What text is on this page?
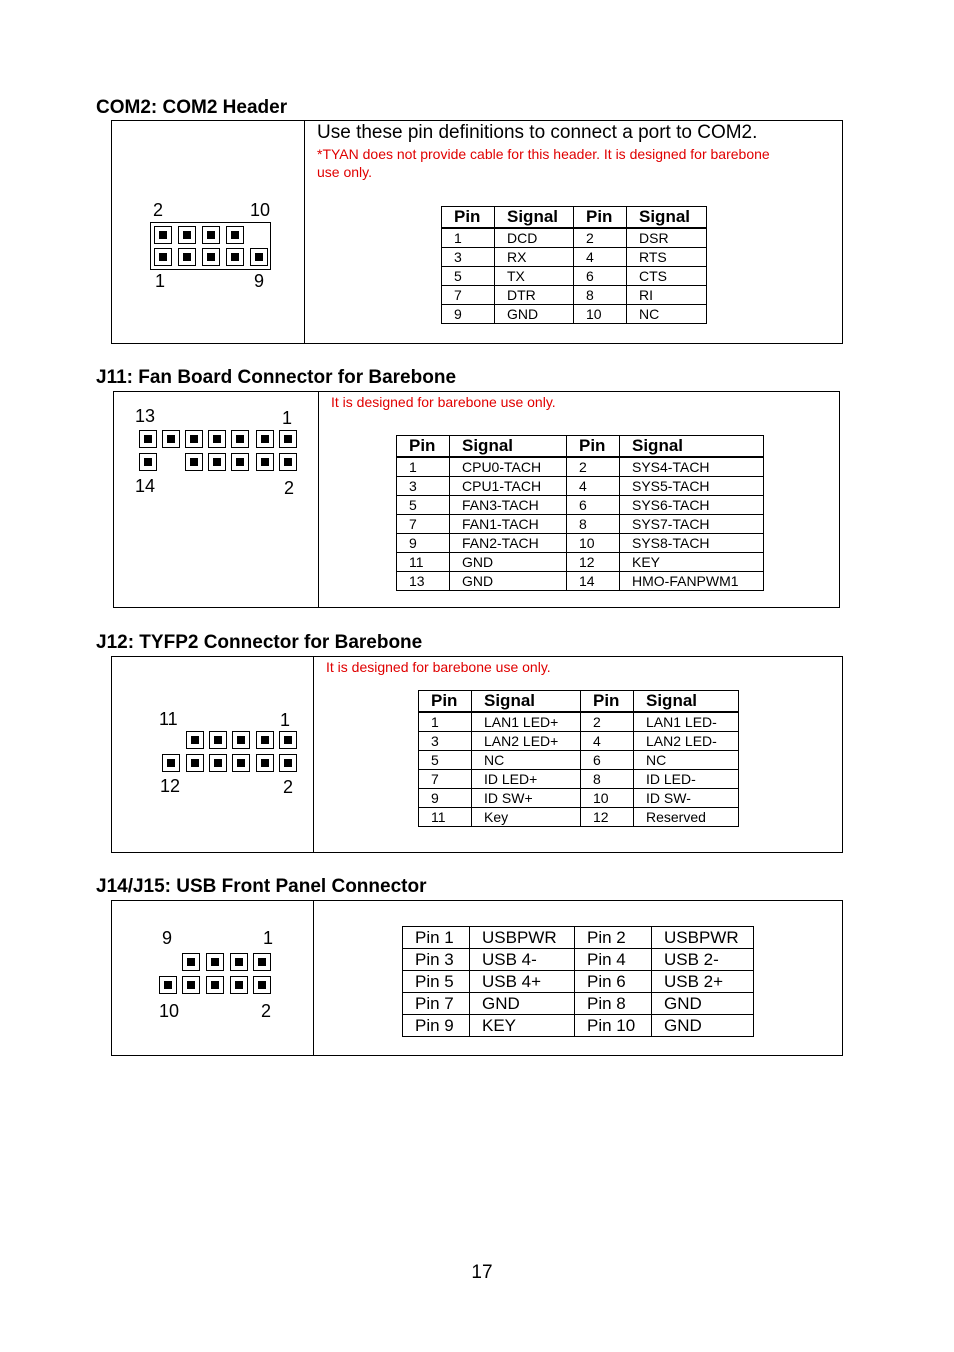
COM2: COM2 Header
2	10
1	9

Use these pin definitions to connect a port to COM2.

*TYAN does not provide cable for this header. It is designed for barebone use only.

Pin	Signal	Pin	Signal
1	DCD	2	DSR
3	RX	4	RTS
5	TX	6	CTS
7	DTR	8	RI
9	GND	10	NC
J11: Fan Board Connector for Barebone
13	1
14	2

It is designed for barebone use only.

Pin	Signal	Pin	Signal
1	CPU0-TACH	2	SYS4-TACH
3	CPU1-TACH	4	SYS5-TACH
5	FAN3-TACH	6	SYS6-TACH
7	FAN1-TACH	8	SYS7-TACH
9	FAN2-TACH	10	SYS8-TACH
11	GND	12	KEY
13	GND	14	HMO-FANPWM1
J12: TYFP2 Connector for Barebone
11	1
12	2

It is designed for barebone use only.

Pin	Signal	Pin	Signal
1	LAN1 LED+	2	LAN1 LED-
3	LAN2 LED+	4	LAN2 LED-
5	NC	6	NC
7	ID LED+	8	ID LED-
9	ID SW+	10	ID SW-
11	Key	12	Reserved
J14/J15: USB Front Panel Connector
9	1
10	2
Pin 1	USBPWR	Pin 2	USBPWR
Pin 3	USB 4-	Pin 4	USB 2-
Pin 5	USB 4+	Pin 6	USB 2+
Pin 7	GND	Pin 8	GND
Pin 9	KEY	Pin 10	GND
17
